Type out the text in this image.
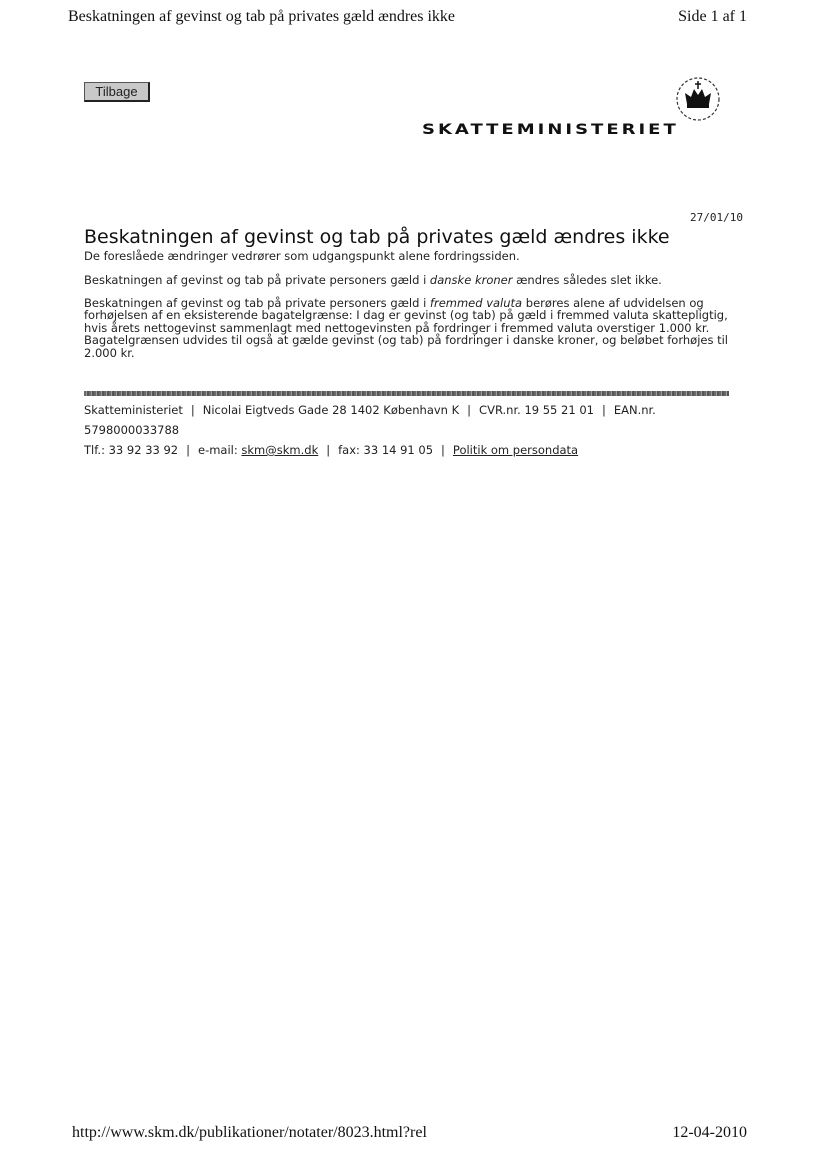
Beskatningen af gevinst og tab på privates gæld ændres ikke	Side 1 af 1
Tilbage
SKATTEMINISTERIET
27/01/10
Beskatningen af gevinst og tab på privates gæld ændres ikke

De foreslåede ændringer vedrører som udgangspunkt alene fordringssiden.

Beskatningen af gevinst og tab på private personers gæld i danske kroner ændres således slet ikke.

Beskatningen af gevinst og tab på private personers gæld i fremmed valuta berøres alene af udvidelsen og forhøjelsen af en eksisterende bagatelgrænse: I dag er gevinst (og tab) på gæld i fremmed valuta skattepligtig, hvis årets nettogevinst sammenlagt med nettogevinsten på fordringer i fremmed valuta overstiger 1.000 kr. Bagatelgrænsen udvides til også at gælde gevinst (og tab) på fordringer i danske kroner, og beløbet forhøjes til 2.000 kr.

Skatteministeriet | Nicolai Eigtveds Gade 28 1402 København K | CVR.nr. 19 55 21 01 | EAN.nr.
5798000033788
Tlf.: 33 92 33 92 | e-mail: skm@skm.dk | fax: 33 14 91 05 | Politik om persondata
http://www.skm.dk/publikationer/notater/8023.html?rel	12-04-2010
